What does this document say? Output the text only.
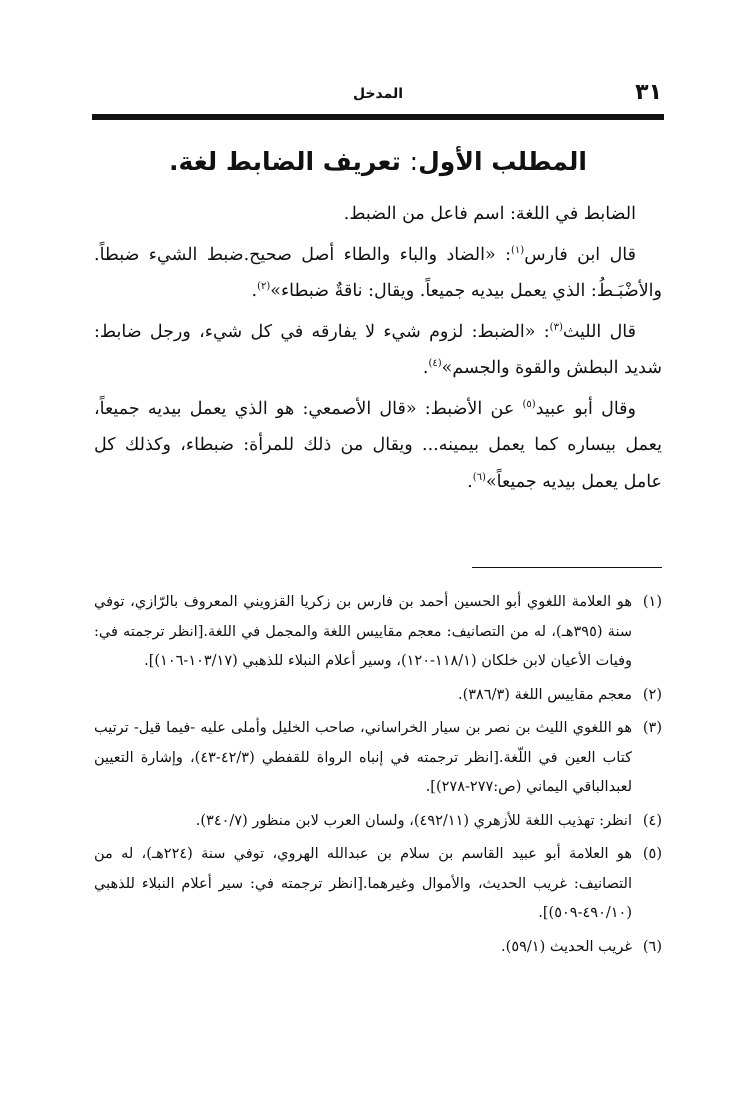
٣١
المدخل
المطلب الأول: تعريف الضابط لغة.

الضابط في اللغة: اسم فاعل من الضبط.

قال ابن فارس$^{(١)}$: «الضاد والباء والطاء أصل صحيح.ضبط الشيء ضبطاً. والأضْبَـطُ: الذي يعمل بيديه جميعاً. ويقال: ناقةٌ ضبطاء»$^{(٢)}$.

قال الليث$^{(٣)}$: «الضبط: لزوم شيء لا يفارقه في كل شيء، ورجل ضابط: شديد البطش والقوة والجسم»$^{(٤)}$.

وقال أبو عبيد$^{(٥)}$ عن الأضبط: «قال الأصمعي: هو الذي يعمل بيديه جميعاً، يعمل بيساره كما يعمل بيمينه... ويقال من ذلك للمرأة: ضبطاء، وكذلك كل عامل يعمل بيديه جميعاً»$^{(٦)}$.

(١)هو العلامة اللغوي أبو الحسين أحمد بن فارس بن زكريا القزويني المعروف بالرّازي، توفي سنة (٣٩٥هـ)، له من التصانيف: معجم مقاييس اللغة والمجمل في اللغة.[انظر ترجمته في: وفيات الأعيان لابن خلكان (١١٨/١-١٢٠)، وسير أعلام النبلاء للذهبي (١٠٣/١٧-١٠٦)].
(٢)معجم مقاييس اللغة (٣٨٦/٣).
(٣)هو اللغوي الليث بن نصر بن سيار الخراساني، صاحب الخليل وأملى عليه -فيما قيل- ترتيب كتاب العين في اللّغة.[انظر ترجمته في إنباه الرواة للقفطي (٤٢/٣-٤٣)، وإشارة التعيين لعبدالباقي اليماني (ص:٢٧٧-٢٧٨)].
(٤)انظر: تهذيب اللغة للأزهري (٤٩٢/١١)، ولسان العرب لابن منظور (٣٤٠/٧).
(٥)هو العلامة أبو عبيد القاسم بن سلام بن عبدالله الهروي، توفي سنة (٢٢٤هـ)، له من التصانيف: غريب الحديث، والأموال وغيرهما.[انظر ترجمته في: سير أعلام النبلاء للذهبي (٤٩٠/١٠-٥٠٩)].
(٦)غريب الحديث (٥٩/١).
